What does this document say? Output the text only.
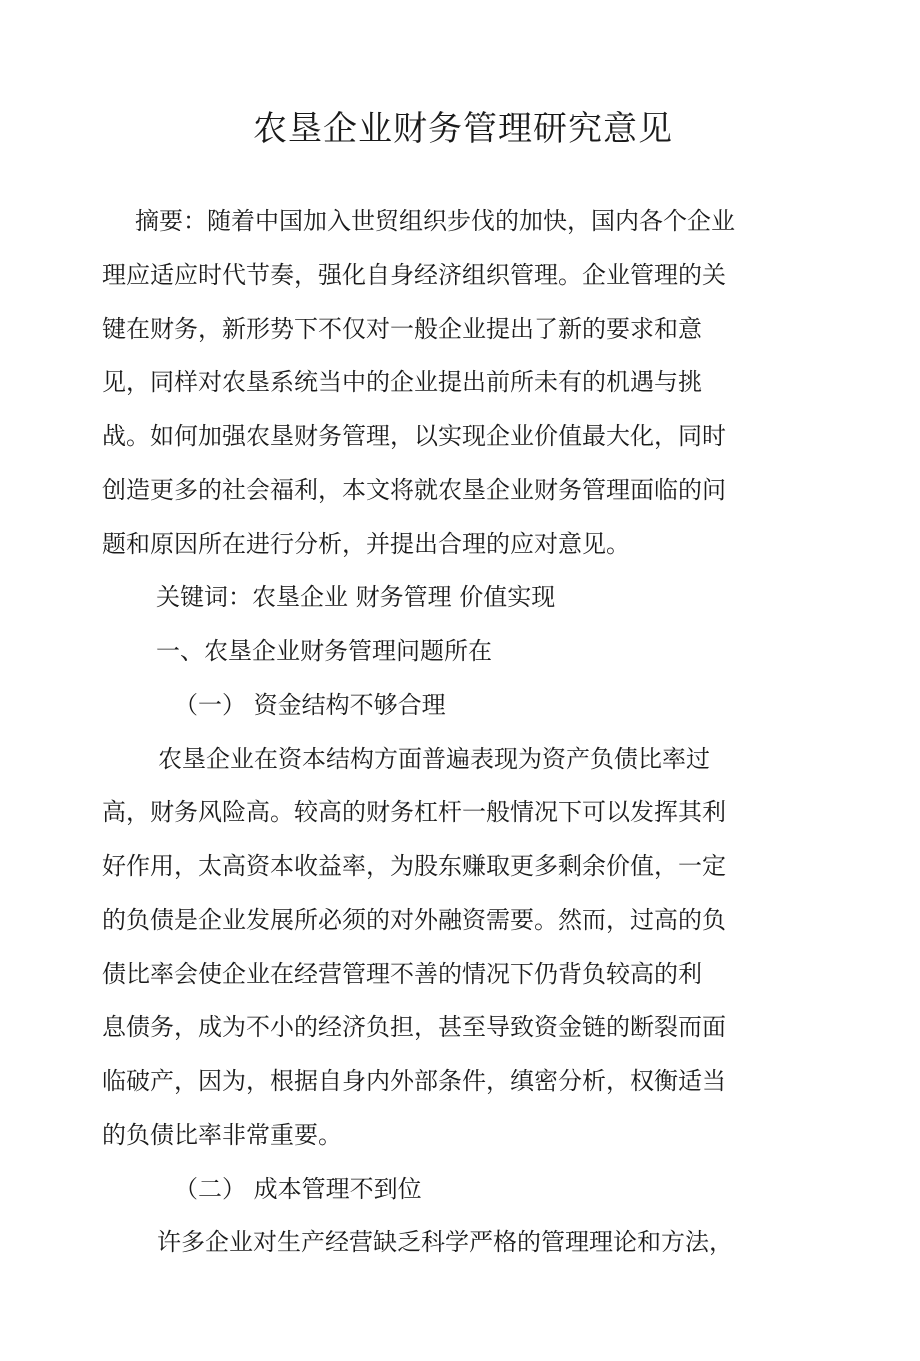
农垦企业财务管理研究意见
摘要：随着中国加入世贸组织步伐的加快，国内各个企业
理应适应时代节奏，强化自身经济组织管理。企业管理的关
键在财务，新形势下不仅对一般企业提出了新的要求和意
见，同样对农垦系统当中的企业提出前所未有的机遇与挑
战。如何加强农垦财务管理，以实现企业价值最大化，同时
创造更多的社会福利，本文将就农垦企业财务管理面临的问
题和原因所在进行分析，并提出合理的应对意见。
关键词：农垦企业 财务管理 价值实现
一、农垦企业财务管理问题所在
（一） 资金结构不够合理
农垦企业在资本结构方面普遍表现为资产负债比率过
高，财务风险高。较高的财务杠杆一般情况下可以发挥其利
好作用，太高资本收益率，为股东赚取更多剩余价值，一定
的负债是企业发展所必须的对外融资需要。然而，过高的负
债比率会使企业在经营管理不善的情况下仍背负较高的利
息债务，成为不小的经济负担，甚至导致资金链的断裂而面
临破产，因为，根据自身内外部条件，缜密分析，权衡适当
的负债比率非常重要。
（二） 成本管理不到位
许多企业对生产经营缺乏科学严格的管理理论和方法，
